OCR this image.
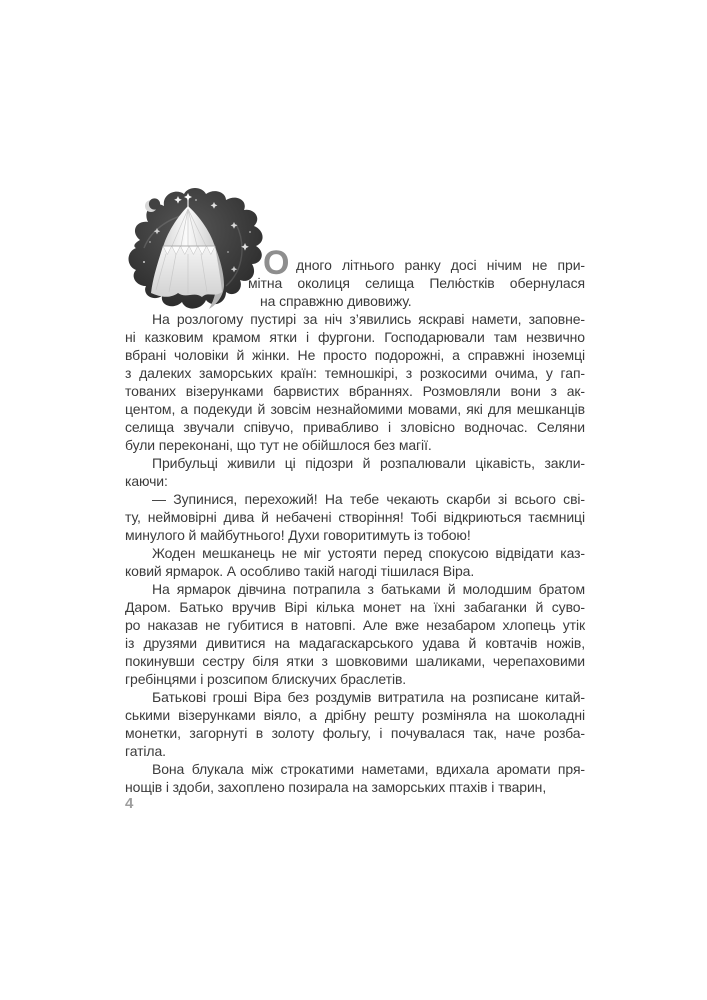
О дного літнього ранку досі нічим не при-
мітна околиця селища Пелю́стків обернулася
на справжню дивовижу.
На розлогому пустирі за ніч з’явились яскраві намети, заповне-
ні казковим крамом ятки і фургони. Господарювали там незвично
вбрані чоловіки й жінки. Не просто подорожні, а справжні іноземці
з далеких заморських країн: темношкірі, з розкосими очима, у гап-
тованих візерунками барвистих вбраннях. Розмовляли вони з ак-
центом, а подекуди й зовсім незнайомими мовами, які для мешканців
селища звучали співучо, привабливо і зловісно водночас. Селяни
були переконані, що тут не обійшлося без магії.
Прибульці живили ці підозри й розпалювали цікавість, закли-
каючи:
— Зупинися, перехожий! На тебе чекають скарби зі всього сві-
ту, неймовірні дива й небачені створіння! Тобі відкриються таємниці
минулого й майбутнього! Духи говоритимуть із тобою!
Жоден мешканець не міг устояти перед спокусою відвідати каз-
ковий ярмарок. А особливо такій нагоді тішилася Віра.
На ярмарок дівчина потрапила з батьками й молодшим братом
Даром. Батько вручив Вірі кілька монет на їхні забаганки й суво-
ро наказав не губитися в натовпі. Але вже незабаром хлопець утік
із друзями дивитися на мадагаскарського удава й ковтачів ножів,
покинувши сестру біля ятки з шовковими шаликами, черепаховими
гребінцями і розсипом блискучих браслетів.
Батькові гроші Віра без роздумів витратила на розписане китай-
ськими візерунками віяло, а дрібну решту розміняла на шоколадні
монетки, загорнуті в золоту фольгу, і почувалася так, наче розба-
гатіла.
Вона блукала між строкатими наметами, вдихала аромати пря-
нощів і здоби, захоплено позирала на заморських птахів і тварин,
4
